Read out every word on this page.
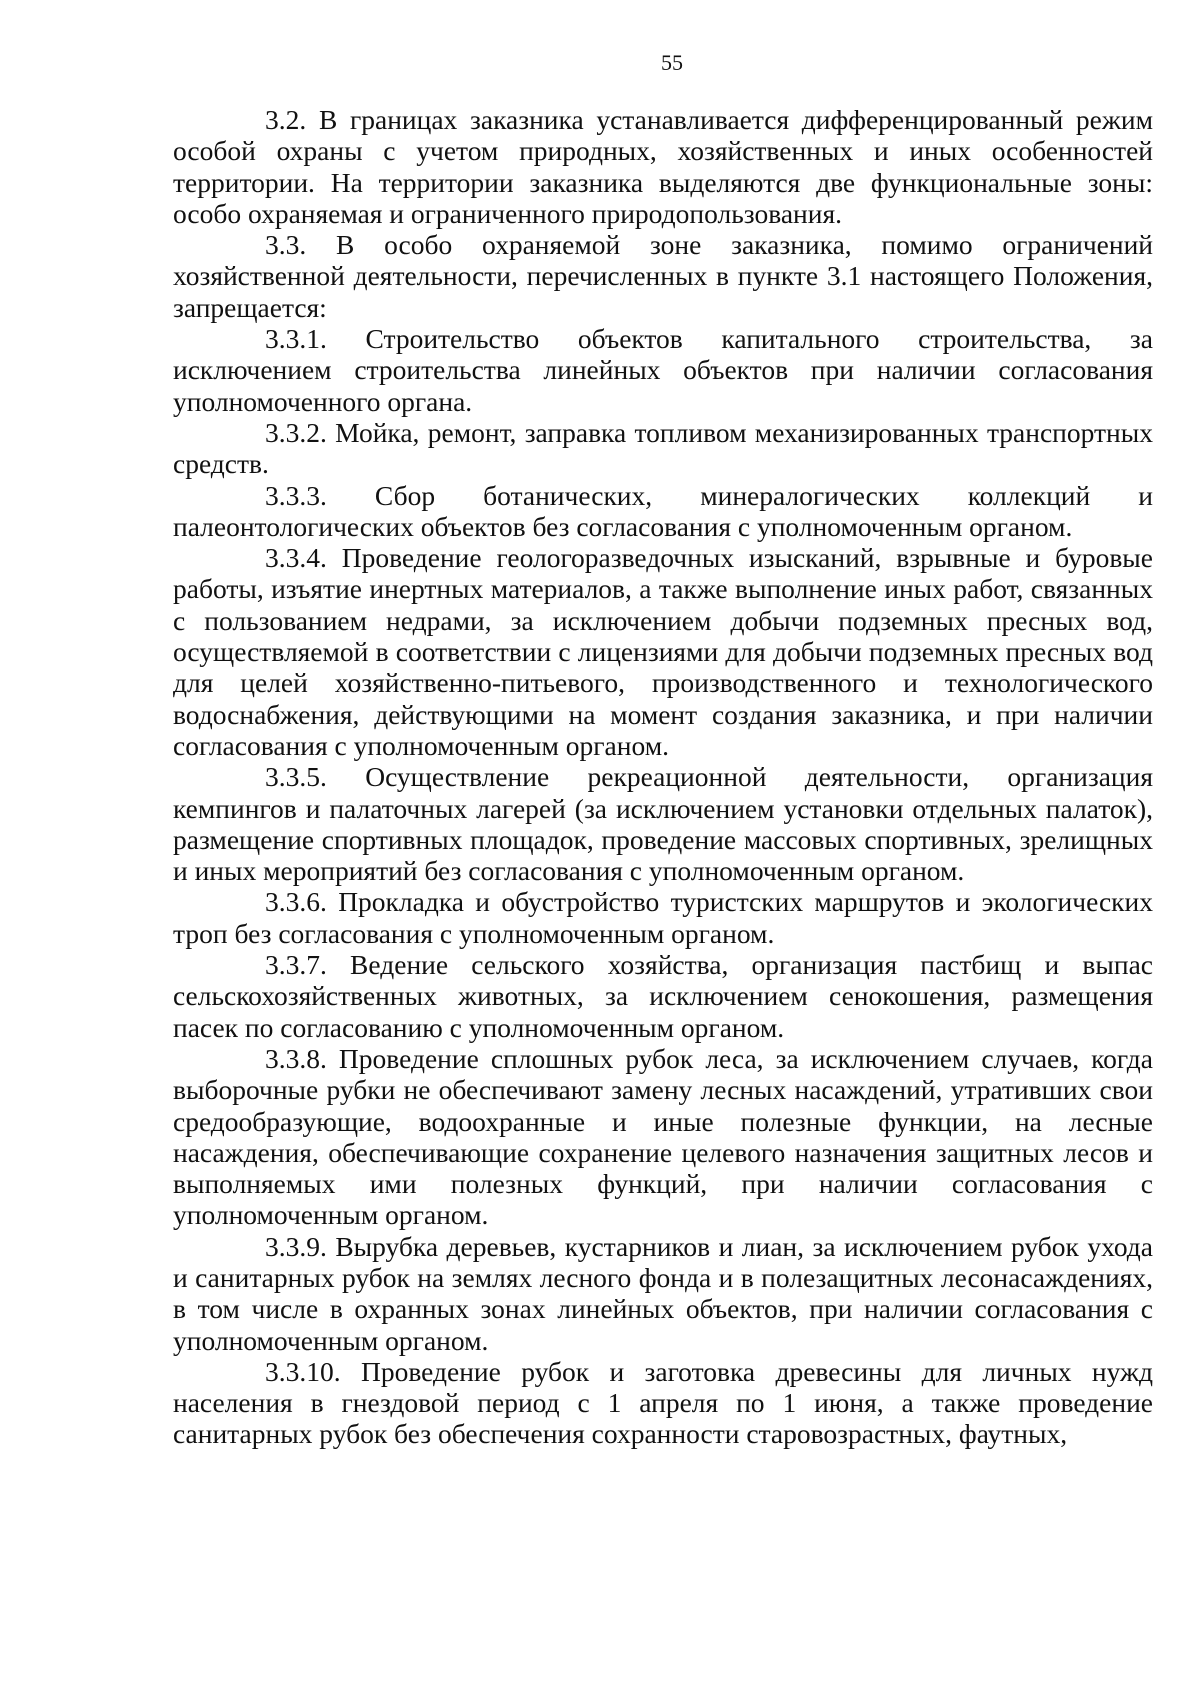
55

3.2. В границах заказника устанавливается дифференцированный режим особой охраны с учетом природных, хозяйственных и иных особенностей территории. На территории заказника выделяются две функциональные зоны: особо охраняемая и ограниченного природопользования.

3.3. В особо охраняемой зоне заказника, помимо ограничений хозяйственной деятельности, перечисленных в пункте 3.1 настоящего Положения, запрещается:

3.3.1. Строительство объектов капитального строительства, за исключением строительства линейных объектов при наличии согласования уполномоченного органа.

3.3.2. Мойка, ремонт, заправка топливом механизированных транспортных средств.

3.3.3. Сбор ботанических, минералогических коллекций и палеонтологических объектов без согласования с уполномоченным органом.

3.3.4. Проведение геологоразведочных изысканий, взрывные и буровые работы, изъятие инертных материалов, а также выполнение иных работ, связанных с пользованием недрами, за исключением добычи подземных пресных вод, осуществляемой в соответствии с лицензиями для добычи подземных пресных вод для целей хозяйственно-питьевого, производственного и технологического водоснабжения, действующими на момент создания заказника, и при наличии согласования с уполномоченным органом.

3.3.5. Осуществление рекреационной деятельности, организация кемпингов и палаточных лагерей (за исключением установки отдельных палаток), размещение спортивных площадок, проведение массовых спортивных, зрелищных и иных мероприятий без согласования с уполномоченным органом.

3.3.6. Прокладка и обустройство туристских маршрутов и экологических троп без согласования с уполномоченным органом.

3.3.7. Ведение сельского хозяйства, организация пастбищ и выпас сельскохозяйственных животных, за исключением сенокошения, размещения пасек по согласованию с уполномоченным органом.

3.3.8. Проведение сплошных рубок леса, за исключением случаев, когда выборочные рубки не обеспечивают замену лесных насаждений, утративших свои средообразующие, водоохранные и иные полезные функции, на лесные насаждения, обеспечивающие сохранение целевого назначения защитных лесов и выполняемых ими полезных функций, при наличии согласования с уполномоченным органом.

3.3.9. Вырубка деревьев, кустарников и лиан, за исключением рубок ухода и санитарных рубок на землях лесного фонда и в полезащитных лесонасаждениях, в том числе в охранных зонах линейных объектов, при наличии согласования с уполномоченным органом.

3.3.10. Проведение рубок и заготовка древесины для личных нужд населения в гнездовой период с 1 апреля по 1 июня, а также проведение санитарных рубок без обеспечения сохранности старовозрастных, фаутных,
